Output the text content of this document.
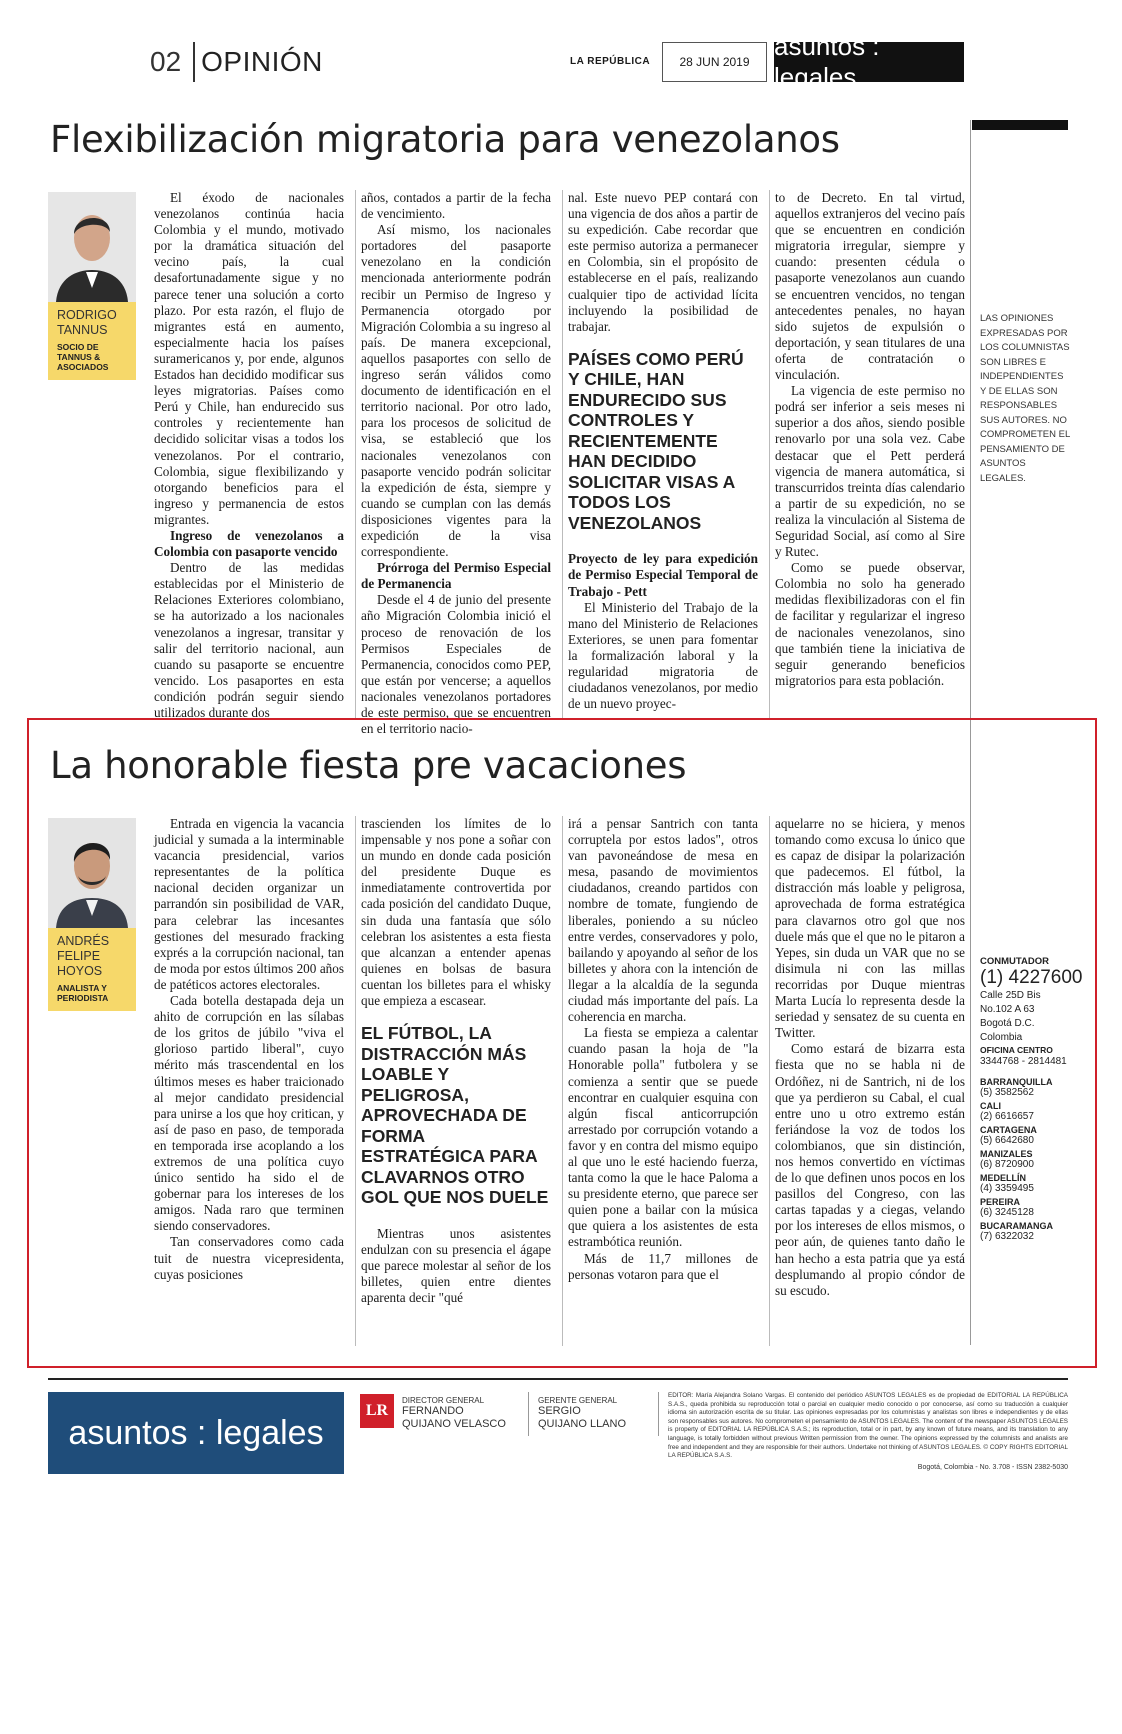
02 OPINIÓN	LA REPÚBLICA	28 JUN 2019
asuntos : legales
LAS OPINIONES EXPRESADAS POR LOS COLUMNISTAS SON LIBRES E INDEPENDIENTES Y DE ELLAS SON RESPONSABLES SUS AUTORES. NO COMPROMETEN EL PENSAMIENTO DE ASUNTOS LEGALES.
CONMUTADOR
(1) 4227600
Calle 25D Bis
No.102 A 63
Bogotá D.C.
Colombia
OFICINA CENTRO
3344768 - 2814481
BARRANQUILLA
(5) 3582562
CALI
(2) 6616657
CARTAGENA
(5) 6642680
MANIZALES
(6) 8720900
MEDELLÍN
(4) 3359495
PEREIRA
(6) 3245128
BUCARAMANGA
(7) 6322032
Flexibilización migratoria para venezolanos
RODRIGO TANNUS
SOCIO DE TANNUS & ASOCIADOS

El éxodo de nacionales venezolanos continúa hacia Colombia y el mundo, motivado por la dramática situación del vecino país, la cual desafortunadamente sigue y no parece tener una solución a corto plazo. Por esta razón, el flujo de migrantes está en aumento, especialmente hacia los países suramericanos y, por ende, algunos Estados han decidido modificar sus leyes migratorias. Países como Perú y Chile, han endurecido sus controles y recientemente han decidido solicitar visas a todos los venezolanos. Por el contrario, Colombia, sigue flexibilizando y otorgando beneficios para el ingreso y permanencia de estos migrantes.

Ingreso de venezolanos a Colombia con pasaporte vencido

Dentro de las medidas establecidas por el Ministerio de Relaciones Exteriores colombiano, se ha autorizado a los nacionales venezolanos a ingresar, transitar y salir del territorio nacional, aun cuando su pasaporte se encuentre vencido. Los pasaportes en esta condición podrán seguir siendo utilizados durante dos

años, contados a partir de la fecha de vencimiento.

Así mismo, los nacionales portadores del pasaporte venezolano en la condición mencionada anteriormente podrán recibir un Permiso de Ingreso y Permanencia otorgado por Migración Colombia a su ingreso al país. De manera excepcional, aquellos pasaportes con sello de ingreso serán válidos como documento de identificación en el territorio nacional. Por otro lado, para los procesos de solicitud de visa, se estableció que los nacionales venezolanos con pasaporte vencido podrán solicitar la expedición de ésta, siempre y cuando se cumplan con las demás disposiciones vigentes para la expedición de la visa correspondiente.

Prórroga del Permiso Especial de Permanencia

Desde el 4 de junio del presente año Migración Colombia inició el proceso de renovación de los Permisos Especiales de Permanencia, conocidos como PEP, que están por vencerse; a aquellos nacionales venezolanos portadores de este permiso, que se encuentren en el territorio nacio-

nal. Este nuevo PEP contará con una vigencia de dos años a partir de su expedición. Cabe recordar que este permiso autoriza a permanecer en Colombia, sin el propósito de establecerse en el país, realizando cualquier tipo de actividad lícita incluyendo la posibilidad de trabajar.

PAÍSES COMO PERÚ Y CHILE, HAN ENDURECIDO SUS CONTROLES Y RECIENTEMENTE HAN DECIDIDO SOLICITAR VISAS A TODOS LOS VENEZOLANOS

Proyecto de ley para expedición de Permiso Especial Temporal de Trabajo - Pett

El Ministerio del Trabajo de la mano del Ministerio de Relaciones Exteriores, se unen para fomentar la formalización laboral y la regularidad migratoria de ciudadanos venezolanos, por medio de un nuevo proyec-

to de Decreto. En tal virtud, aquellos extranjeros del vecino país que se encuentren en condición migratoria irregular, siempre y cuando: presenten cédula o pasaporte venezolanos aun cuando se encuentren vencidos, no tengan antecedentes penales, no hayan sido sujetos de expulsión o deportación, y sean titulares de una oferta de contratación o vinculación.

La vigencia de este permiso no podrá ser inferior a seis meses ni superior a dos años, siendo posible renovarlo por una sola vez. Cabe destacar que el Pett perderá vigencia de manera automática, si transcurridos treinta días calendario a partir de su expedición, no se realiza la vinculación al Sistema de Seguridad Social, así como al Sire y Rutec.

Como se puede observar, Colombia no solo ha generado medidas flexibilizadoras con el fin de facilitar y regularizar el ingreso de nacionales venezolanos, sino que también tiene la iniciativa de seguir generando beneficios migratorios para esta población.

La honorable fiesta pre vacaciones
ANDRÉS FELIPE HOYOS
ANALISTA Y PERIODISTA

Entrada en vigencia la vacancia judicial y sumada a la interminable vacancia presidencial, varios representantes de la política nacional deciden organizar un parrandón sin posibilidad de VAR, para celebrar las incesantes gestiones del mesurado fracking exprés a la corrupción nacional, tan de moda por estos últimos 200 años de patéticos actores electorales.

Cada botella destapada deja un ahito de corrupción en las sílabas de los gritos de júbilo "viva el glorioso partido liberal", cuyo mérito más trascendental en los últimos meses es haber traicionado al mejor candidato presidencial para unirse a los que hoy critican, y así de paso en paso, de temporada en temporada irse acoplando a los extremos de una política cuyo único sentido ha sido el de gobernar para los intereses de los amigos. Nada raro que terminen siendo conservadores.

Tan conservadores como cada tuit de nuestra vicepresidenta, cuyas posiciones

trascienden los límites de lo impensable y nos pone a soñar con un mundo en donde cada posición del presidente Duque es inmediatamente controvertida por cada posición del candidato Duque, sin duda una fantasía que sólo celebran los asistentes a esta fiesta que alcanzan a entender apenas quienes en bolsas de basura cuentan los billetes para el whisky que empieza a escasear.

EL FÚTBOL, LA DISTRACCIÓN MÁS LOABLE Y PELIGROSA, APROVECHADA DE FORMA ESTRATÉGICA PARA CLAVARNOS OTRO GOL QUE NOS DUELE

Mientras unos asistentes endulzan con su presencia el ágape que parece molestar al señor de los billetes, quien entre dientes aparenta decir "qué

irá a pensar Santrich con tanta corruptela por estos lados", otros van pavoneándose de mesa en mesa, pasando de movimientos ciudadanos, creando partidos con nombre de tomate, fungiendo de liberales, poniendo a su núcleo entre verdes, conservadores y polo, bailando y apoyando al señor de los billetes y ahora con la intención de llegar a la alcaldía de la segunda ciudad más importante del país. La coherencia en marcha.

La fiesta se empieza a calentar cuando pasan la hoja de "la Honorable polla" futbolera y se comienza a sentir que se puede encontrar en cualquier esquina con algún fiscal anticorrupción arrestado por corrupción votando a favor y en contra del mismo equipo al que uno le esté haciendo fuerza, tanta como la que le hace Paloma a su presidente eterno, que parece ser quien pone a bailar con la música que quiera a los asistentes de esta estrambótica reunión.

Más de 11,7 millones de personas votaron para que el

aquelarre no se hiciera, y menos tomando como excusa lo único que es capaz de disipar la polarización que padecemos. El fútbol, la distracción más loable y peligrosa, aprovechada de forma estratégica para clavarnos otro gol que nos duele más que el que no le pitaron a Yepes, sin duda un VAR que no se disimula ni con las millas recorridas por Duque mientras Marta Lucía lo representa desde la seriedad y sensatez de su cuenta en Twitter.

Como estará de bizarra esta fiesta que no se habla ni de Ordóñez, ni de Santrich, ni de los que ya perdieron su Cabal, el cual entre uno u otro extremo están feriándose la voz de todos los colombianos, que sin distinción, nos hemos convertido en víctimas de lo que definen unos pocos en los pasillos del Congreso, con las cartas tapadas y a ciegas, velando por los intereses de ellos mismos, o peor aún, de quienes tanto daño le han hecho a esta patria que ya está desplumando al propio cóndor de su escudo.

asuntos : legales
LR
DIRECTOR GENERAL
FERNANDO
QUIJANO VELASCO
GERENTE GENERAL
SERGIO
QUIJANO LLANO
EDITOR: María Alejandra Solano Vargas. El contenido del periódico ASUNTOS LEGALES es de propiedad de EDITORIAL LA REPÚBLICA S.A.S., queda prohibida su reproducción total o parcial en cualquier medio conocido o por conocerse, así como su traducción a cualquier idioma sin autorización escrita de su titular. Las opiniones expresadas por los columnistas y analistas son libres e independientes y de ellas son responsables sus autores. No comprometen el pensamiento de ASUNTOS LEGALES. The content of the newspaper ASUNTOS LEGALES is property of EDITORIAL LA REPÚBLICA S.A.S.; its reproduction, total or in part, by any known of future means, and its translation to any language, is totally forbidden without previous Written permission from the owner. The opinions expressed by the columnists and analists are free and independent and they are responsible for their authors. Undertake not thinking of ASUNTOS LEGALES. © COPY RIGHTS EDITORIAL LA REPÚBLICA S.A.S.
Bogotá, Colombia - No. 3.708 - ISSN 2382-5030
